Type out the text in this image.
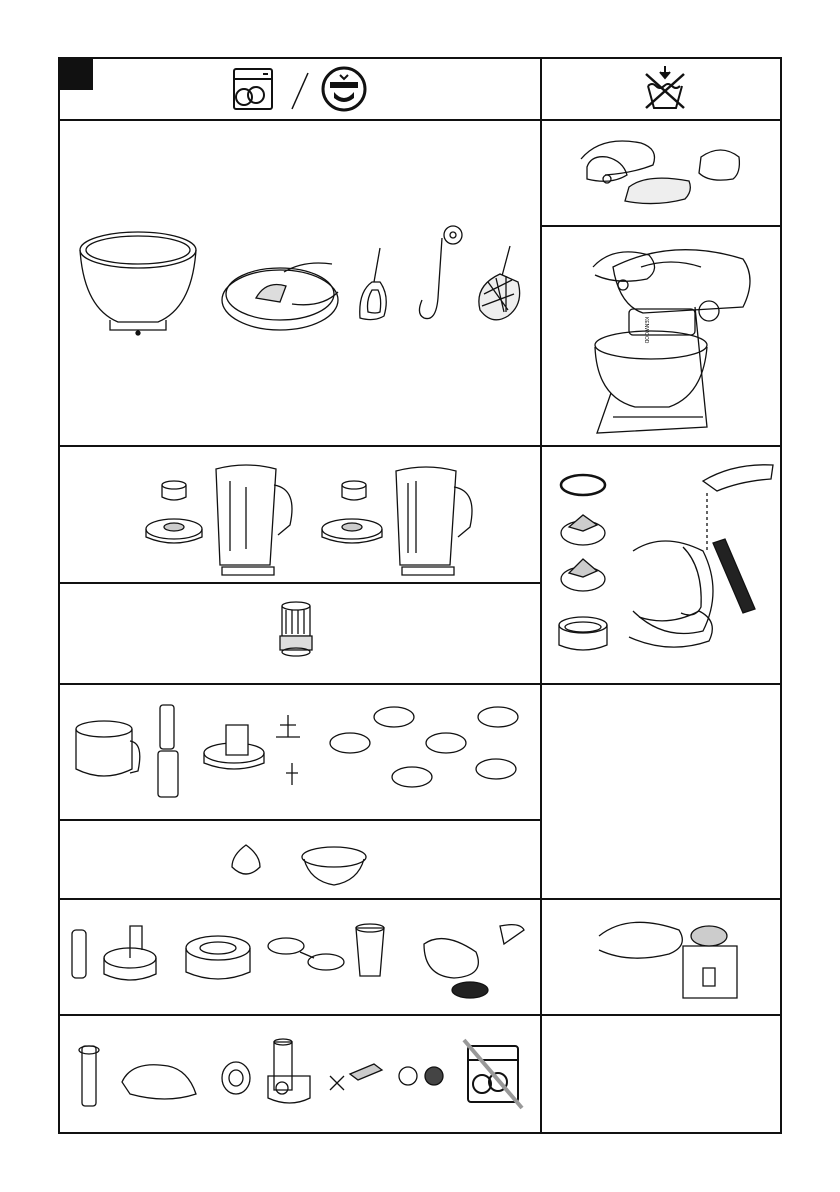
KENWOOD
